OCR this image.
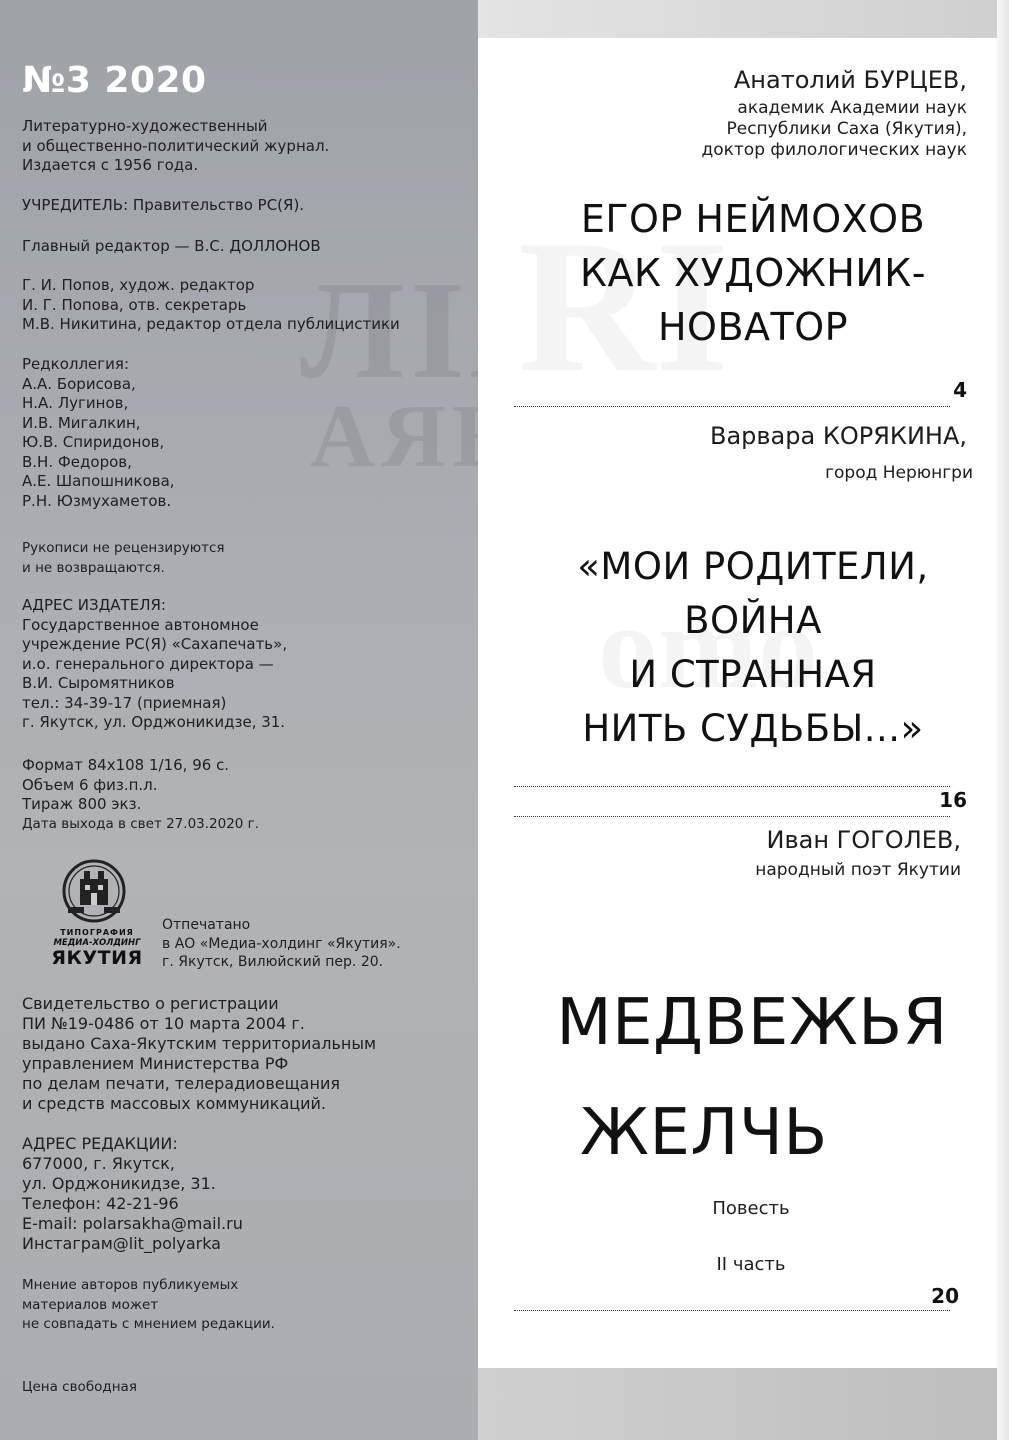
ЛІЯ
АЯЕ
№3 2020
Литературно-художественный
и общественно-политический журнал.
Издается с 1956 года.
УЧРЕДИТЕЛЬ: Правительство РС(Я).
Главный редактор — В.С. ДОЛЛОНОВ
Г. И. Попов, худож. редактор
И. Г. Попова, отв. секретарь
М.В. Никитина, редактор отдела публицистики
Редколлегия:
А.А. Борисова,
Н.А. Лугинов,
И.В. Мигалкин,
Ю.В. Спиридонов,
В.Н. Федоров,
А.Е. Шапошникова,
Р.Н. Юзмухаметов.
Рукописи не рецензируются
и не возвращаются.
АДРЕС ИЗДАТЕЛЯ:
Государственное автономное
учреждение РС(Я) «Сахапечать»,
и.о. генерального директора —
В.И. Сыромятников
тел.: 34-39-17 (приемная)
г. Якутск, ул. Орджоникидзе, 31.
Формат 84х108 1/16, 96 с.
Объем 6 физ.п.л.
Тираж 800 экз.
Дата выхода в свет 27.03.2020 г.
ТИПОГРАФИЯ
МЕДИА-ХОЛДИНГ
ЯКУТИЯ
Отпечатано
в АО «Медиа-холдинг «Якутия».
г. Якутск, Вилюйский пер. 20.
Свидетельство о регистрации
ПИ №19-0486 от 10 марта 2004 г.
выдано Саха-Якутским территориальным
управлением Министерства РФ
по делам печати, телерадиовещания
и средств массовых коммуникаций.
АДРЕС РЕДАКЦИИ:
677000, г. Якутск,
ул. Орджоникидзе, 31.
Телефон: 42-21-96
E-mail: polarsakha@mail.ru
Инстаграм@lit_polyarka
Мнение авторов публикуемых
материалов может
не совпадать с мнением редакции.
Цена свободная
Анатолий БУРЦЕВ,
академик Академии наук
Республики Саха (Якутия),
доктор филологических наук
ЕГОР НЕЙМОХОВ
КАК ХУДОЖНИК-
НОВАТОР
4
Варвара КОРЯКИНА,
город Нерюнгри
«МОИ РОДИТЕЛИ,
ВОЙНА
И СТРАННАЯ
НИТЬ СУДЬБЫ...»
16
Иван ГОГОЛЕВ,
народный поэт Якутии
МЕДВЕЖЬЯ
ЖЕЛЧЬ
Повесть
II часть
20
